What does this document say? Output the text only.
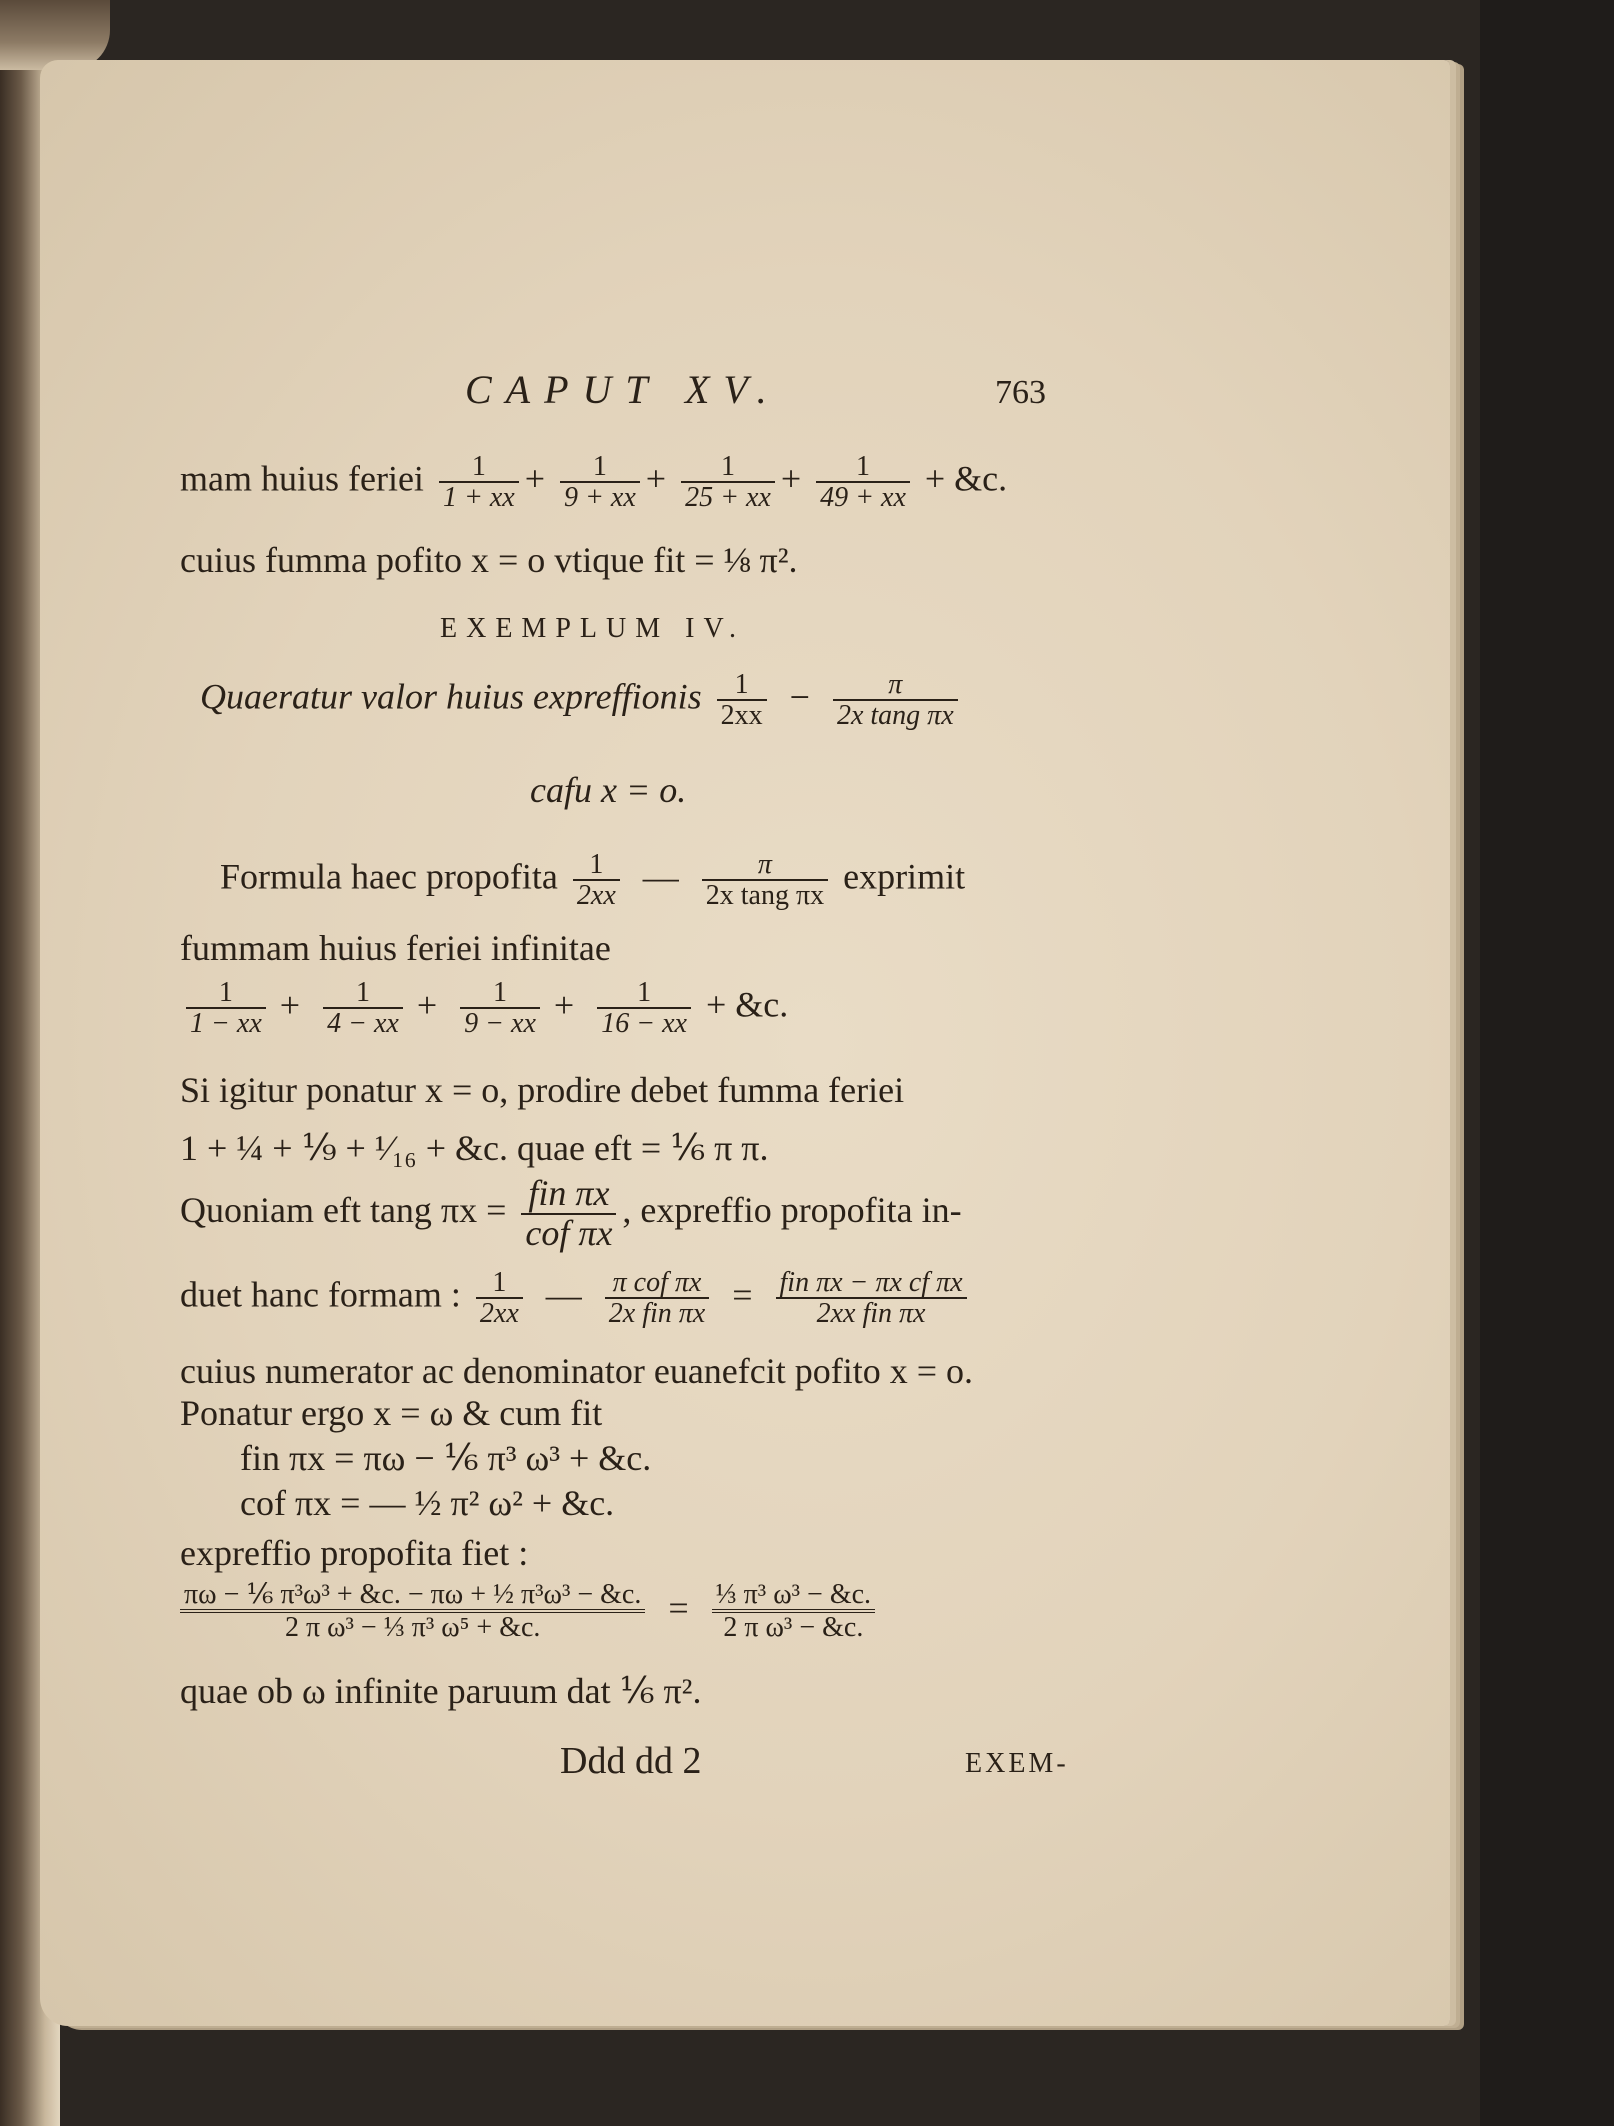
CAPUT XV.	763
mam huius feriei $\frac{1}{1 + xx} + \frac{1}{9 + xx} + \frac{1}{25 + xx} + \frac{1}{49 + xx}$ + &c.
cuius fumma pofito x = o vtique fit = ⅛ π².
EXEMPLUM IV.
Quaeratur valor huius expreffionis $\frac{1}{2xx} - \frac{\pi}{\text{2x tang πx}}$
cafu x = o.
Formula haec propofita $\frac{1}{2xx}$ — $\frac{\pi}{\text{2x tang πx}}$ exprimit
fummam huius feriei infinitae
$\frac{1}{1 - xx} + \frac{1}{4 - xx} + \frac{1}{9 - xx} + \frac{1}{16 - xx}$ + &c.
Si igitur ponatur x = o, prodire debet fumma feriei
1 + ¼ + ⅑ + ¹⁄₁₆ + &c. quae eft = ⅙ π π.
Quoniam eft tang $\pi x = \frac{\text{fin πx}}{\text{cof πx}}$ , expreffio propofita in-
duet hanc formam : $\frac{1}{2xx}$ — $\frac{\text{π cof πx}}{\text{2x fin πx}} = \frac{\text{fin πx − πx cf πx}}{\text{2xx fin πx}}$
cuius numerator ac denominator euanefcit pofito x = o.
Ponatur ergo x = ω & cum fit
fin πx = πω − ⅙ π³ ω³ + &c.
cof πx = — ½ π² ω² + &c.
expreffio propofita fiet :
$\frac{\text{πω − ⅙ π³ω³ + \&c. − πω + ½ π³ω³ − \&c.}}{\text{2 π ω³ − ⅓ π³ ω⁵ + \&c.}} = \frac{\text{⅓ π³ ω³ − \&c.}}{\text{2 π ω³ − \&c.}}$
quae ob ω infinite paruum dat ⅙ π².
Ddd dd 2	EXEM-
